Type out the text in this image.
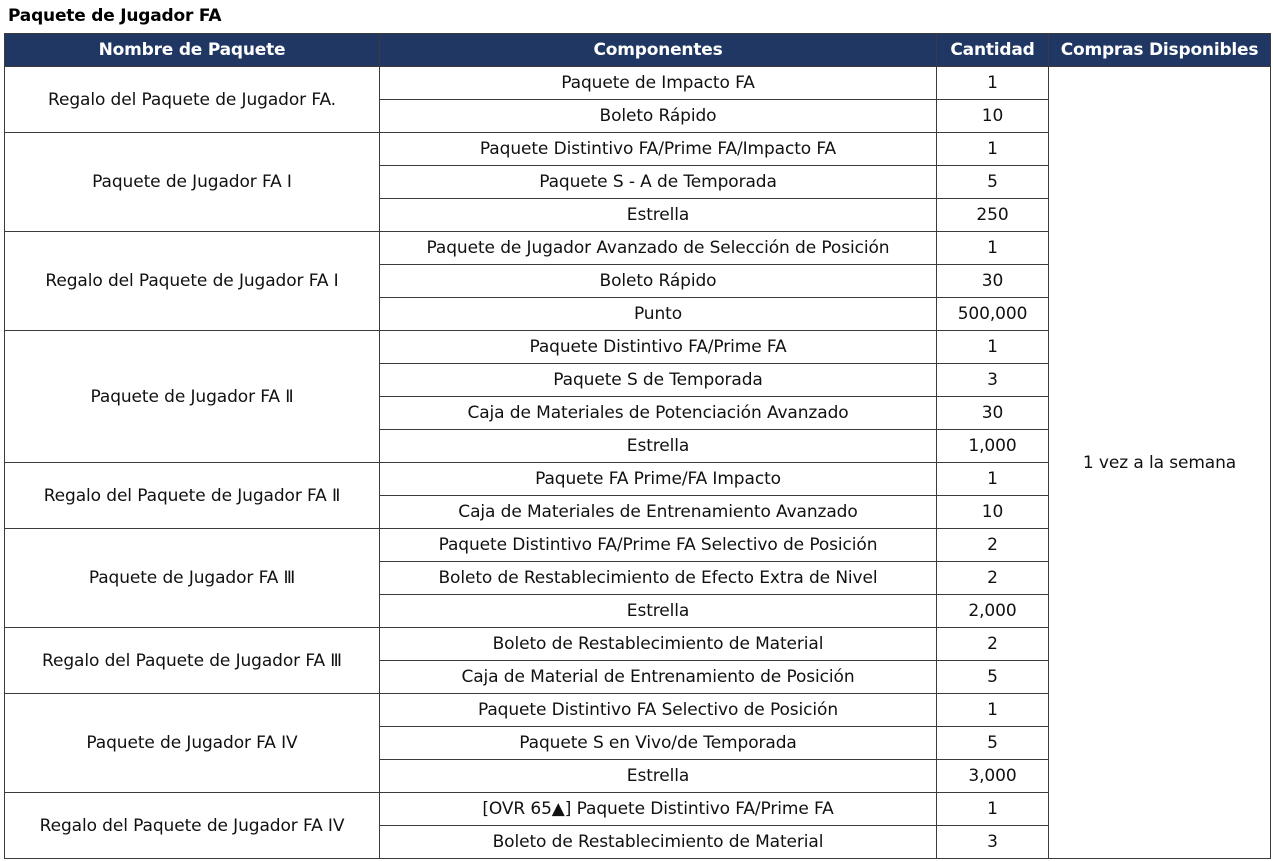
Paquete de Jugador FA
Nombre de Paquete	Componentes	Cantidad	Compras Disponibles
Regalo del Paquete de Jugador FA.	Paquete de Impacto FA	1	1 vez a la semana
	Boleto Rápido	10	
Paquete de Jugador FA Ⅰ	Paquete Distintivo FA/Prime FA/Impacto FA	1	
	Paquete S - A de Temporada	5	
	Estrella	250	
Regalo del Paquete de Jugador FA Ⅰ	Paquete de Jugador Avanzado de Selección de Posición	1	
	Boleto Rápido	30	
	Punto	500,000	
Paquete de Jugador FA Ⅱ	Paquete Distintivo FA/Prime FA	1	
	Paquete S de Temporada	3	
	Caja de Materiales de Potenciación Avanzado	30	
	Estrella	1,000	
Regalo del Paquete de Jugador FA Ⅱ	Paquete FA Prime/FA Impacto	1	
	Caja de Materiales de Entrenamiento Avanzado	10	
Paquete de Jugador FA Ⅲ	Paquete Distintivo FA/Prime FA Selectivo de Posición	2	
	Boleto de Restablecimiento de Efecto Extra de Nivel	2	
	Estrella	2,000	
Regalo del Paquete de Jugador FA Ⅲ	Boleto de Restablecimiento de Material	2	
	Caja de Material de Entrenamiento de Posición	5	
Paquete de Jugador FA IV	Paquete Distintivo FA Selectivo de Posición	1	
	Paquete S en Vivo/de Temporada	5	
	Estrella	3,000	
Regalo del Paquete de Jugador FA IV	[OVR 65▲] Paquete Distintivo FA/Prime FA	1	
	Boleto de Restablecimiento de Material	3	
